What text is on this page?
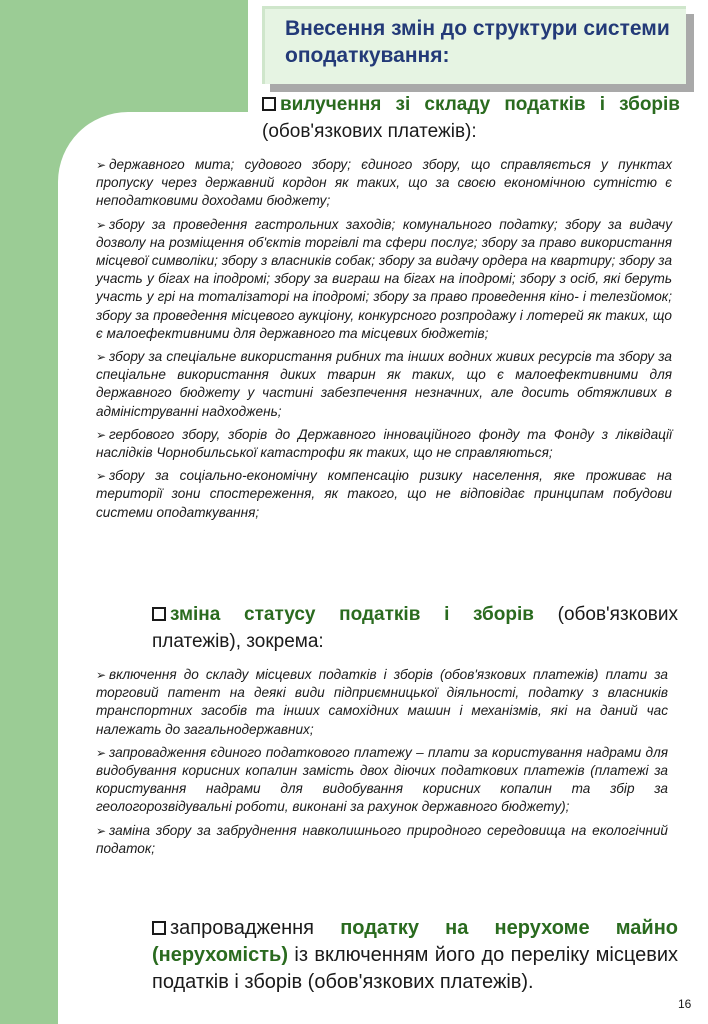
Внесення змін до структури системи оподаткування:
вилучення зі складу податків і зборів (обов'язкових платежів):
➢ державного мита; судового збору; єдиного збору, що справляється у пунктах пропуску через державний кордон як таких, що за своєю економічною сутністю є неподатковими доходами бюджету;
➢ збору за проведення гастрольних заходів; комунального податку; збору за видачу дозволу на розміщення об'єктів торгівлі та сфери послуг; збору за право використання місцевої символіки; збору з власників собак; збору за видачу ордера на квартиру; збору за участь у бігах на іподромі; збору за виграш на бігах на іподромі; збору з осіб, які беруть участь у грі на тоталізаторі на іподромі; збору за право проведення кіно- і телезйомок; збору за проведення місцевого аукціону, конкурсного розпродажу і лотерей як таких, що є малоефективними для державного та місцевих бюджетів;
➢ збору за спеціальне використання рибних та інших водних живих ресурсів та збору за спеціальне використання диких тварин як таких, що є малоефективними для державного бюджету у частині забезпечення незначних, але досить обтяжливих в адмініструванні надходжень;
➢ гербового збору, зборів до Державного інноваційного фонду та Фонду з ліквідації наслідків Чорнобильської катастрофи як таких, що не справляються;
➢ збору за соціально-економічну компенсацію ризику населення, яке проживає на території зони спостереження, як такого, що не відповідає принципам побудови системи оподаткування;
зміна статусу податків і зборів (обов'язкових платежів), зокрема:
➢ включення до складу місцевих податків і зборів (обов'язкових платежів) плати за торговий патент на деякі види підприємницької діяльності, податку з власників транспортних засобів та інших самохідних машин і механізмів, які на даний час належать до загальнодержавних;
➢ запровадження єдиного податкового платежу – плати за користування надрами для видобування корисних копалин замість двох діючих податкових платежів (платежі за користування надрами для видобування корисних копалин та збір за геологорозвідувальні роботи, виконані за рахунок державного бюджету);
➢ заміна збору за забруднення навколишнього природного середовища на екологічний податок;
запровадження податку на нерухоме майно (нерухомість) із включенням його до переліку місцевих податків і зборів (обов'язкових платежів).
16
